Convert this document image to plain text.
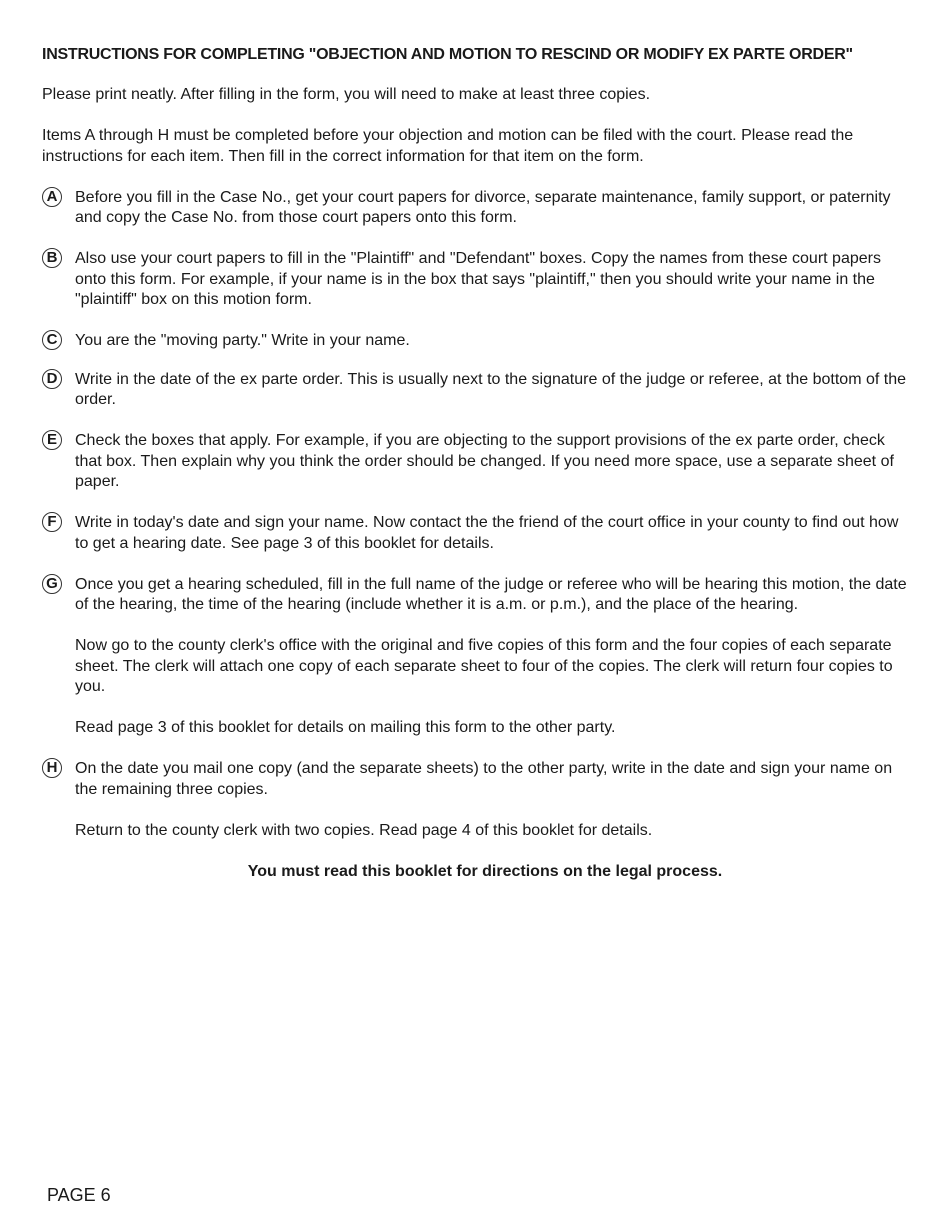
INSTRUCTIONS FOR COMPLETING "OBJECTION AND MOTION TO RESCIND OR MODIFY EX PARTE ORDER"

Please print neatly. After filling in the form, you will need to make at least three copies.

Items A through H must be completed before your objection and motion can be filed with the court. Please read the instructions for each item. Then fill in the correct information for that item on the form.

A Before you fill in the Case No., get your court papers for divorce, separate maintenance, family support, or paternity and copy the Case No. from those court papers onto this form.

B Also use your court papers to fill in the "Plaintiff" and "Defendant" boxes. Copy the names from these court papers onto this form. For example, if your name is in the box that says "plaintiff," then you should write your name in the "plaintiff" box on this motion form.

C You are the "moving party." Write in your name.

D Write in the date of the ex parte order. This is usually next to the signature of the judge or referee, at the bottom of the order.

E	Check the boxes that apply. For example, if you are objecting to the support provisions of the ex parte order, check that box. Then explain why you think the order should be changed. If you need more space, use a separate sheet of paper.

F	Write in today's date and sign your name. Now contact the the friend of the court office in your county to find out how to get a hearing date. See page 3 of this booklet for details.

G Once you get a hearing scheduled, fill in the full name of the judge or referee who will be hearing this motion, the date of the hearing, the time of the hearing (include whether it is a.m. or p.m.), and the place of the hearing.

Now go to the county clerk's office with the original and five copies of this form and the four copies of each separate sheet. The clerk will attach one copy of each separate sheet to four of the copies. The clerk will return four copies to you.

Read page 3 of this booklet for details on mailing this form to the other party.

H On the date you mail one copy (and the separate sheets) to the other party, write in the date and sign your name on the remaining three copies.

Return to the county clerk with two copies. Read page 4 of this booklet for details.

You must read this booklet for directions on the legal process.

PAGE 6
